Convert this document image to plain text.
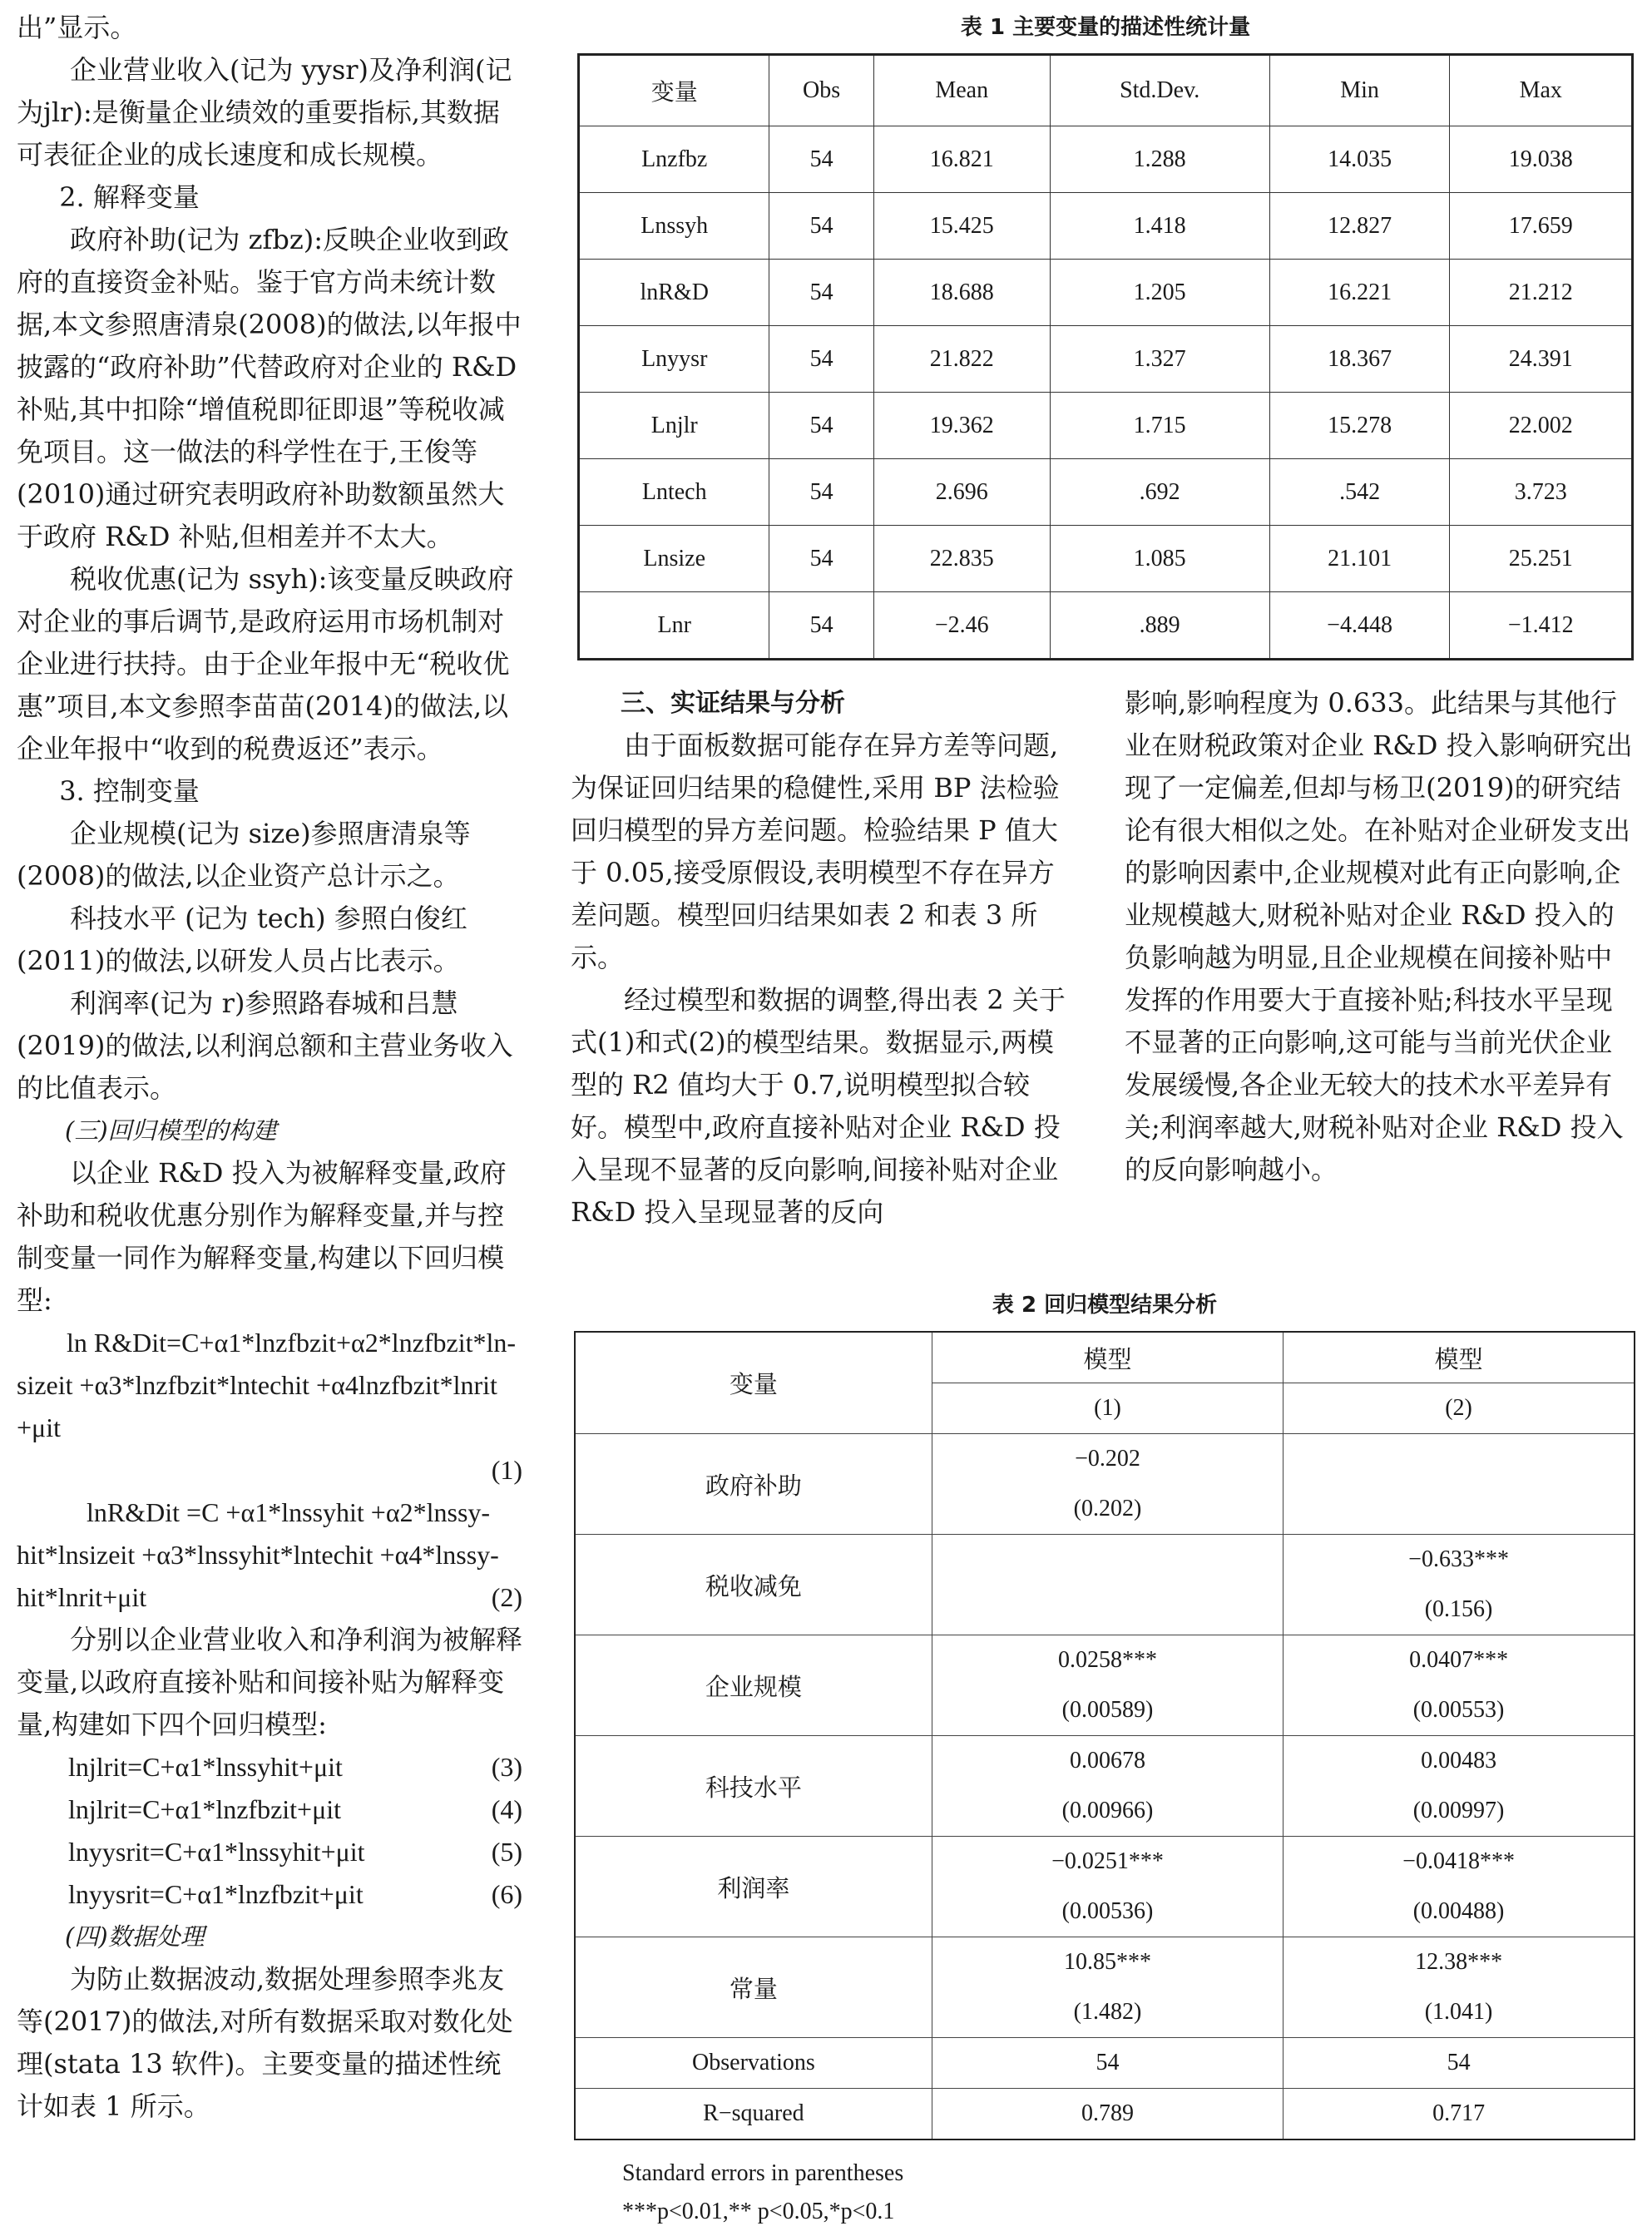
出”显示。

企业营业收入(记为 yysr)及净利润(记为jlr):是衡量企业绩效的重要指标,其数据可表征企业的成长速度和成长规模。

2. 解释变量

政府补助(记为 zfbz):反映企业收到政府的直接资金补贴。鉴于官方尚未统计数据,本文参照唐清泉(2008)的做法,以年报中披露的“政府补助”代替政府对企业的 R&D 补贴,其中扣除“增值税即征即退”等税收减免项目。这一做法的科学性在于,王俊等(2010)通过研究表明政府补助数额虽然大于政府 R&D 补贴,但相差并不太大。

税收优惠(记为 ssyh):该变量反映政府对企业的事后调节,是政府运用市场机制对企业进行扶持。由于企业年报中无“税收优惠”项目,本文参照李苗苗(2014)的做法,以企业年报中“收到的税费返还”表示。

3. 控制变量

企业规模(记为 size)参照唐清泉等(2008)的做法,以企业资产总计示之。

科技水平 (记为 tech) 参照白俊红(2011)的做法,以研发人员占比表示。

利润率(记为 r)参照路春城和吕慧(2019)的做法,以利润总额和主营业务收入的比值表示。

(三)回归模型的构建

以企业 R&D 投入为被解释变量,政府补助和税收优惠分别作为解释变量,并与控制变量一同作为解释变量,构建以下回归模型:

ln R&Dit=C+α1*lnzfbzit+α2*lnzfbzit*ln-
sizeit +α3*lnzfbzit*lntechit +α4lnzfbzit*lnrit +μit
(1)
lnR&Dit =C +α1*lnssyhit +α2*lnssy-
hit*lnsizeit +α3*lnssyhit*lntechit +α4*lnssy-
hit*lnrit+μit	(2)

分别以企业营业收入和净利润为被解释变量,以政府直接补贴和间接补贴为解释变量,构建如下四个回归模型:

lnjlrit=C+α1*lnssyhit+μit	(3)
lnjlrit=C+α1*lnzfbzit+μit	(4)
lnyysrit=C+α1*lnssyhit+μit	(5)
lnyysrit=C+α1*lnzfbzit+μit	(6)

(四)数据处理

为防止数据波动,数据处理参照李兆友等(2017)的做法,对所有数据采取对数化处理(stata 13 软件)。主要变量的描述性统计如表 1 所示。

表 1 主要变量的描述性统计量
变量	Obs	Mean	Std.Dev.	Min	Max
Lnzfbz	54	16.821	1.288	14.035	19.038
Lnssyh	54	15.425	1.418	12.827	17.659
lnR&D	54	18.688	1.205	16.221	21.212
Lnyysr	54	21.822	1.327	18.367	24.391
Lnjlr	54	19.362	1.715	15.278	22.002
Lntech	54	2.696	.692	.542	3.723
Lnsize	54	22.835	1.085	21.101	25.251
Lnr	54	−2.46	.889	−4.448	−1.412

三、实证结果与分析

由于面板数据可能存在异方差等问题,为保证回归结果的稳健性,采用 BP 法检验回归模型的异方差问题。检验结果 P 值大于 0.05,接受原假设,表明模型不存在异方差问题。模型回归结果如表 2 和表 3 所示。

经过模型和数据的调整,得出表 2 关于式(1)和式(2)的模型结果。数据显示,两模型的 R2 值均大于 0.7,说明模型拟合较好。模型中,政府直接补贴对企业 R&D 投入呈现不显著的反向影响,间接补贴对企业 R&D 投入呈现显著的反向

影响,影响程度为 0.633。此结果与其他行业在财税政策对企业 R&D 投入影响研究出现了一定偏差,但却与杨卫(2019)的研究结论有很大相似之处。在补贴对企业研发支出的影响因素中,企业规模对此有正向影响,企业规模越大,财税补贴对企业 R&D 投入的负影响越为明显,且企业规模在间接补贴中发挥的作用要大于直接补贴;科技水平呈现不显著的正向影响,这可能与当前光伏企业发展缓慢,各企业无较大的技术水平差异有关;利润率越大,财税补贴对企业 R&D 投入的反向影响越小。

表 2 回归模型结果分析
变量	模型	模型
	(1)	(2)
政府补助	−0.202	
	(0.202)	
税收减免		−0.633***
		(0.156)
企业规模	0.0258***	0.0407***
	(0.00589)	(0.00553)
科技水平	0.00678	0.00483
	(0.00966)	(0.00997)
利润率	−0.0251***	−0.0418***
	(0.00536)	(0.00488)
常量	10.85***	12.38***
	(1.482)	(1.041)
Observations	54	54
R−squared	0.789	0.717
Standard errors in parentheses
***p<0.01,** p<0.05,*p<0.1
